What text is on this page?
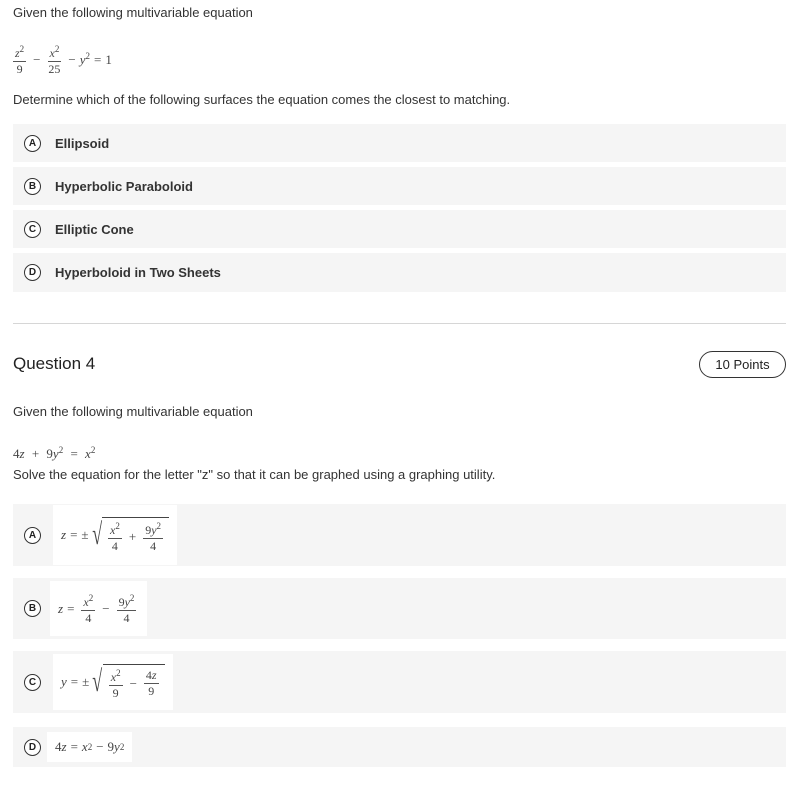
Given the following multivariable equation
$\frac{z^2}{9} - \frac{x^2}{25} - y^2 = 1$
Determine which of the following surfaces the equation comes the closest to matching.
A	Ellipsoid
B	Hyperbolic Paraboloid
C	Elliptic Cone
D	Hyperboloid in Two Sheets
Question 4	10 Points
Given the following multivariable equation
$4z + 9y^2 = x^2$
Solve the equation for the letter "z" so that it can be graphed using a graphing utility.
A	z = ± √ $\frac{x^2}{4} + \frac{9y^2}{4}$
B	$z = \frac{x^2}{4} - \frac{9y^2}{4}$
C	y = ± √ $\frac{x^2}{9} - \frac{4z}{9}$
D	4 z = x 2 − 9 y 2
